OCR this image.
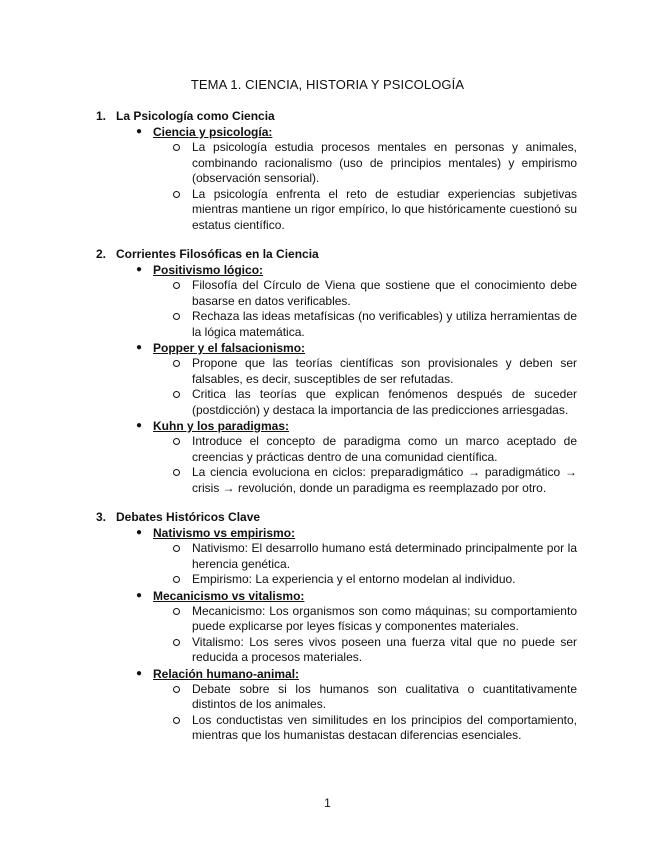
TEMA 1. CIENCIA, HISTORIA Y PSICOLOGÍA
1. La Psicología como Ciencia
● Ciencia y psicología:
La psicología estudia procesos mentales en personas y animales, combinando racionalismo (uso de principios mentales) y empirismo (observación sensorial).
La psicología enfrenta el reto de estudiar experiencias subjetivas mientras mantiene un rigor empírico, lo que históricamente cuestionó su estatus científico.
2. Corrientes Filosóficas en la Ciencia
● Positivismo lógico:
Filosofía del Círculo de Viena que sostiene que el conocimiento debe basarse en datos verificables.
Rechaza las ideas metafísicas (no verificables) y utiliza herramientas de la lógica matemática.
● Popper y el falsacionismo:
Propone que las teorías científicas son provisionales y deben ser falsables, es decir, susceptibles de ser refutadas.
Critica las teorías que explican fenómenos después de suceder (postdicción) y destaca la importancia de las predicciones arriesgadas.
● Kuhn y los paradigmas:
Introduce el concepto de paradigma como un marco aceptado de creencias y prácticas dentro de una comunidad científica.
La ciencia evoluciona en ciclos: preparadigmático → paradigmático → crisis → revolución, donde un paradigma es reemplazado por otro.
3. Debates Históricos Clave
● Nativismo vs empirismo:
Nativismo: El desarrollo humano está determinado principalmente por la herencia genética.
Empirismo: La experiencia y el entorno modelan al individuo.
● Mecanicismo vs vitalismo:
Mecanicismo: Los organismos son como máquinas; su comportamiento puede explicarse por leyes físicas y componentes materiales.
Vitalismo: Los seres vivos poseen una fuerza vital que no puede ser reducida a procesos materiales.
● Relación humano-animal:
Debate sobre si los humanos son cualitativa o cuantitativamente distintos de los animales.
Los conductistas ven similitudes en los principios del comportamiento, mientras que los humanistas destacan diferencias esenciales.
1
